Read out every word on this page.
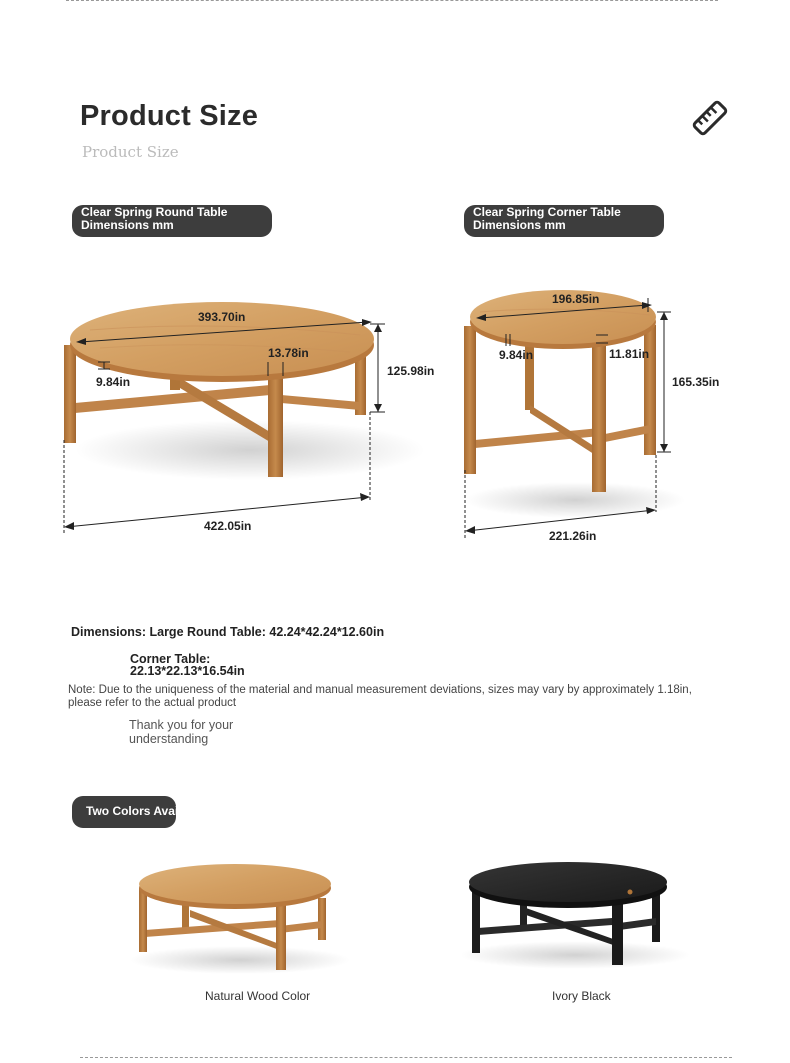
Product Size
Product Size
Clear Spring Round Table
Dimensions mm
Clear Spring Corner Table
Dimensions mm
393.70in
13.78in
9.84in
125.98in
422.05in
196.85in
9.84in	11.81in
165.35in
221.26in
Dimensions: Large Round Table: 42.24*42.24*12.60in
Corner Table:
22.13*22.13*16.54in
Note: Due to the uniqueness of the material and manual measurement deviations, sizes may vary by approximately 1.18in, please refer to the actual product
Thank you for your
understanding
Two Colors Available
Natural Wood Color	Ivory Black
